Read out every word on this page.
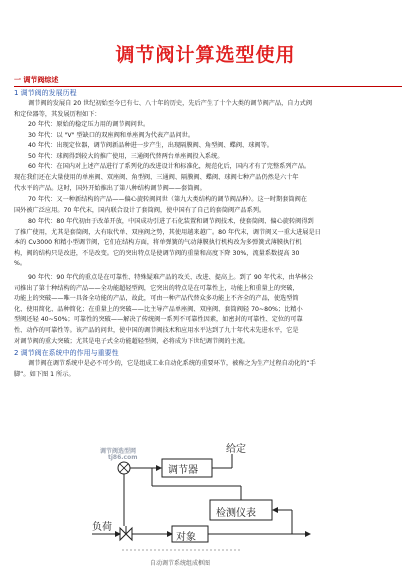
调节阀计算选型使用
一 调节阀综述
1 调节阀的发展历程
调节阀的发展自 20 世纪初始至今已有七、八十年的历史，先后产生了十个大类的调节阀产品，自力式阀
和定位器等，其发展历程如下：
20 年代：原始的稳定压力用的调节阀问世。
30 年代：以 "V" 型缺口的双座阀和单座阀为代表产品问世。
40 年代：出现定位器，调节阀新品种进一步产生，出现隔膜阀、角型阀、蝶阀、球阀等。
50 年代：球阀得到较大的推广使用，三通阀代替两台单座阀投入系统。
60 年代：在国内对上述产品进行了系列化的改进设计和标准化，规范化后，国内才有了完整系列产品。
现在我们还在大量使用的单座阀、双座阀、角型阀、三通阀、隔膜阀、蝶阀、球阀七种产品仍然是六十年
代水平的产品。这时，国外开始推出了第八种结构调节阀——套筒阀。
70 年代：又一种新结构的产品——偏心旋转阀问世（第九大类结构的调节阀品种）。这一时期套筒阀在
国外被广泛应用。70 年代末，国内联合设计了套筒阀，使中国有了自己的套筒阀产品系列。
80 年代：80 年代初由于改革开放，中国成功引进了石化装置和调节阀技术，使套筒阀、偏心旋转阀得到
了推广使用，尤其是套筒阀，大有取代单、双座阀之势，其使用越来越广。80 年代末，调节阀又一重大进展是日
本的 Cv3000 和精小型调节阀，它们在结构方面，将单弹簧的气动薄膜执行机构改为多弹簧式薄膜执行机
构，阀的结构只是改进，不是改变。它的突出特点是使调节阀的重量和高度下降 30%，流量系数提高 30
%。
90 年代：90 年代的重点是在可靠性、特殊疑难产品的攻关、改进、提高上。到了 90 年代末，由华林公
司推出了第十种结构的产品——全功能超轻型阀，它突出的特点是在可靠性上，功能上和重量上的突破，
功能上的突破——唯一具备全功能的产品，故此，可由一种产品代替众多功能上不齐全的产品，使选型简
化、使用简化、品种简化；在重量上的突破——比主导产品单座阀、双座阀、套筒阀轻 70~80%；比精小
型阀还轻 40~50%；可靠性的突破——解决了传统阀一系列不可靠性因素，如密封的可靠性、定位的可靠
性、动作的可靠性等。该产品的问世，使中国的调节阀技术和应用水平达到了九十年代末先进水平，它是
对调节阀的重大突破；尤其是电子式全功能超轻型阀，必将成为下世纪调节阀的主流。
2 调节阀在系统中的作用与重要性
调节阀在调节系统中是必不可少的，它是组成工业自动化系统的重要环节，被称之为生产过程自动化的“手
脚”。如下图 1 所示。
调节阀选型网
tj86.com
给定
调节器
检测仪表
负荷
对象
自动调节系统组成框图
